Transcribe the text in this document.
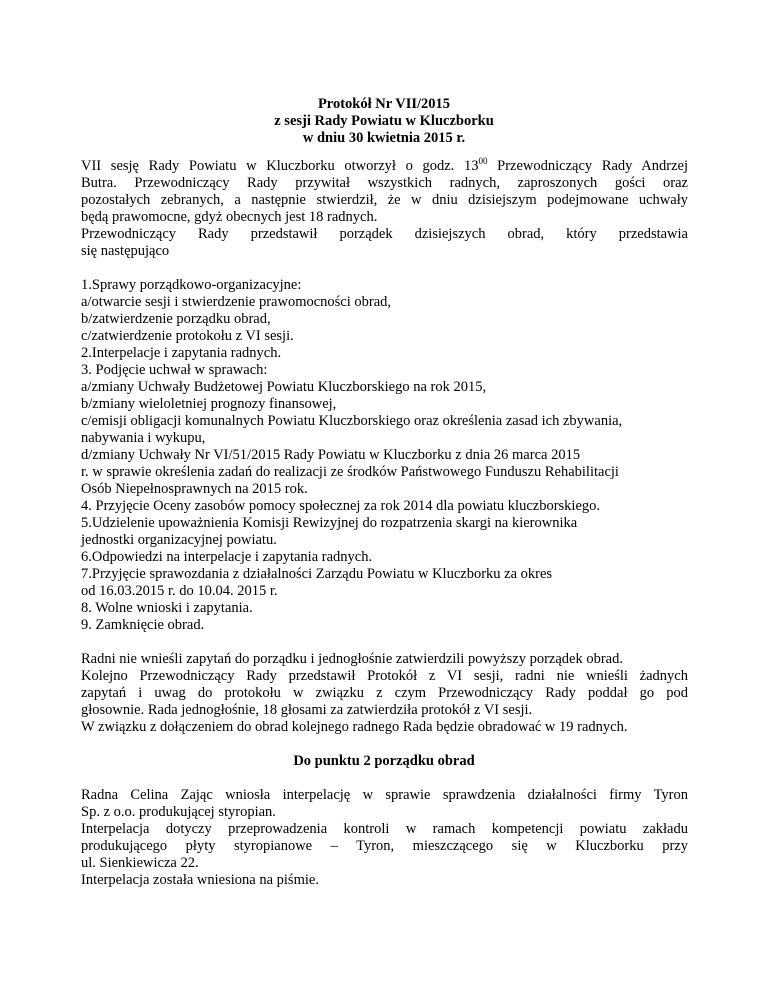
Protokół Nr VII/2015
z sesji Rady Powiatu w Kluczborku
w dniu 30 kwietnia 2015 r.
VII sesję Rady Powiatu w Kluczborku otworzył o godz. $13^{00}$ Przewodniczący Rady Andrzej
Butra. Przewodniczący Rady przywitał wszystkich radnych, zaproszonych gości oraz
pozostałych zebranych, a następnie stwierdził, że w dniu dzisiejszym podejmowane uchwały
będą prawomocne, gdyż obecnych jest 18 radnych.
Przewodniczący Rady przedstawił porządek dzisiejszych obrad, który przedstawia
się następująco
1.Sprawy porządkowo-organizacyjne:
a/otwarcie sesji i stwierdzenie prawomocności obrad,
b/zatwierdzenie porządku obrad,
c/zatwierdzenie protokołu z VI sesji.
2.Interpelacje i zapytania radnych.
3. Podjęcie uchwał w sprawach:
a/zmiany Uchwały Budżetowej Powiatu Kluczborskiego na rok 2015,
b/zmiany wieloletniej prognozy finansowej,
c/emisji obligacji komunalnych Powiatu Kluczborskiego oraz określenia zasad ich zbywania,
nabywania i wykupu,
d/zmiany Uchwały Nr VI/51/2015 Rady Powiatu w Kluczborku z dnia 26 marca 2015
r. w sprawie określenia zadań do realizacji ze środków Państwowego Funduszu Rehabilitacji
Osób Niepełnosprawnych na 2015 rok.
4. Przyjęcie Oceny zasobów pomocy społecznej za rok 2014 dla powiatu kluczborskiego.
5.Udzielenie upoważnienia Komisji Rewizyjnej do rozpatrzenia skargi na kierownika
jednostki organizacyjnej powiatu.
6.Odpowiedzi na interpelacje i zapytania radnych.
7.Przyjęcie sprawozdania z działalności Zarządu Powiatu w Kluczborku za okres
od 16.03.2015 r. do 10.04. 2015 r.
8. Wolne wnioski i zapytania.
9. Zamknięcie obrad.
Radni nie wnieśli zapytań do porządku i jednogłośnie zatwierdzili powyższy porządek obrad.
Kolejno Przewodniczący Rady przedstawił Protokół z VI sesji, radni nie wnieśli żadnych
zapytań i uwag do protokołu w związku z czym Przewodniczący Rady poddał go pod
głosownie. Rada jednogłośnie, 18 głosami za zatwierdziła protokół z VI sesji.
W związku z dołączeniem do obrad kolejnego radnego Rada będzie obradować w 19 radnych.
Do punktu 2 porządku obrad
Radna Celina Zając wniosła interpelację w sprawie sprawdzenia działalności firmy Tyron
Sp. z o.o. produkującej styropian.
Interpelacja dotyczy przeprowadzenia kontroli w ramach kompetencji powiatu zakładu
produkującego płyty styropianowe – Tyron, mieszczącego się w Kluczborku przy
ul. Sienkiewicza 22.
Interpelacja została wniesiona na piśmie.
